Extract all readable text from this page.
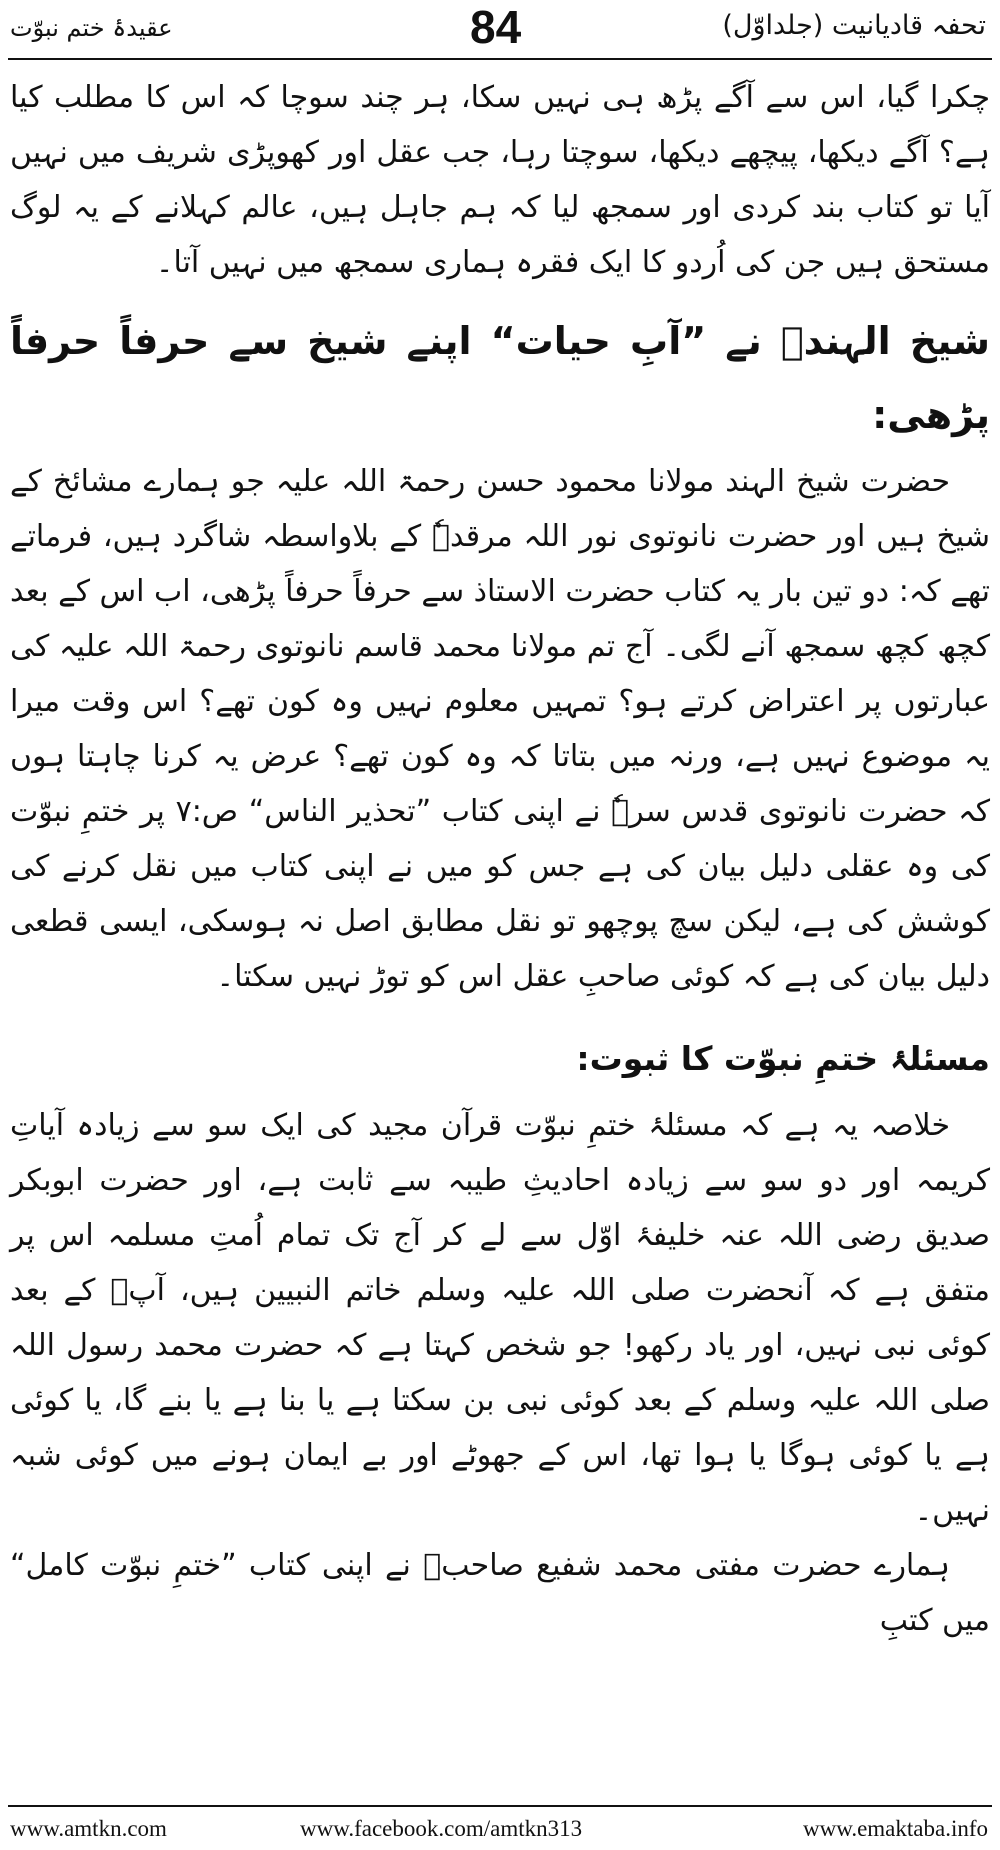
تحفہ قادیانیت (جلداوّل)
84
عقیدۂ ختم نبوّت

چکرا گیا، اس سے آگے پڑھ ہی نہیں سکا، ہر چند سوچا کہ اس کا مطلب کیا ہے؟ آگے دیکھا، پیچھے دیکھا، سوچتا رہا، جب عقل اور کھوپڑی شریف میں نہیں آیا تو کتاب بند کردی اور سمجھ لیا کہ ہم جاہل ہیں، عالم کہلانے کے یہ لوگ مستحق ہیں جن کی اُردو کا ایک فقرہ ہماری سمجھ میں نہیں آتا۔

شیخ الہندؒ نے ”آبِ حیات“ اپنے شیخ سے حرفاً حرفاً پڑھی:

حضرت شیخ الہند مولانا محمود حسن رحمۃ اللہ علیہ جو ہمارے مشائخ کے شیخ ہیں اور حضرت نانوتوی نور اللہ مرقدہٗ کے بلاواسطہ شاگرد ہیں، فرماتے تھے کہ: دو تین بار یہ کتاب حضرت الاستاذ سے حرفاً حرفاً پڑھی، اب اس کے بعد کچھ کچھ سمجھ آنے لگی۔ آج تم مولانا محمد قاسم نانوتوی رحمۃ اللہ علیہ کی عبارتوں پر اعتراض کرتے ہو؟ تمہیں معلوم نہیں وہ کون تھے؟ اس وقت میرا یہ موضوع نہیں ہے، ورنہ میں بتاتا کہ وہ کون تھے؟ عرض یہ کرنا چاہتا ہوں کہ حضرت نانوتوی قدس سرہٗ نے اپنی کتاب ”تحذیر الناس“ ص:۷ پر ختمِ نبوّت کی وہ عقلی دلیل بیان کی ہے جس کو میں نے اپنی کتاب میں نقل کرنے کی کوشش کی ہے، لیکن سچ پوچھو تو نقل مطابق اصل نہ ہوسکی، ایسی قطعی دلیل بیان کی ہے کہ کوئی صاحبِ عقل اس کو توڑ نہیں سکتا۔

مسئلۂ ختمِ نبوّت کا ثبوت:

خلاصہ یہ ہے کہ مسئلۂ ختمِ نبوّت قرآن مجید کی ایک سو سے زیادہ آیاتِ کریمہ اور دو سو سے زیادہ احادیثِ طیبہ سے ثابت ہے، اور حضرت ابوبکر صدیق رضی اللہ عنہ خلیفۂ اوّل سے لے کر آج تک تمام اُمتِ مسلمہ اس پر متفق ہے کہ آنحضرت صلی اللہ علیہ وسلم خاتم النبیین ہیں، آپؐ کے بعد کوئی نبی نہیں، اور یاد رکھو! جو شخص کہتا ہے کہ حضرت محمد رسول اللہ صلی اللہ علیہ وسلم کے بعد کوئی نبی بن سکتا ہے یا بنا ہے یا بنے گا، یا کوئی ہے یا کوئی ہوگا یا ہوا تھا، اس کے جھوٹے اور بے ایمان ہونے میں کوئی شبہ نہیں۔

ہمارے حضرت مفتی محمد شفیع صاحبؒ نے اپنی کتاب ”ختمِ نبوّت کامل“ میں کتبِ

www.amtkn.com	www.facebook.com/amtkn313	www.emaktaba.info
